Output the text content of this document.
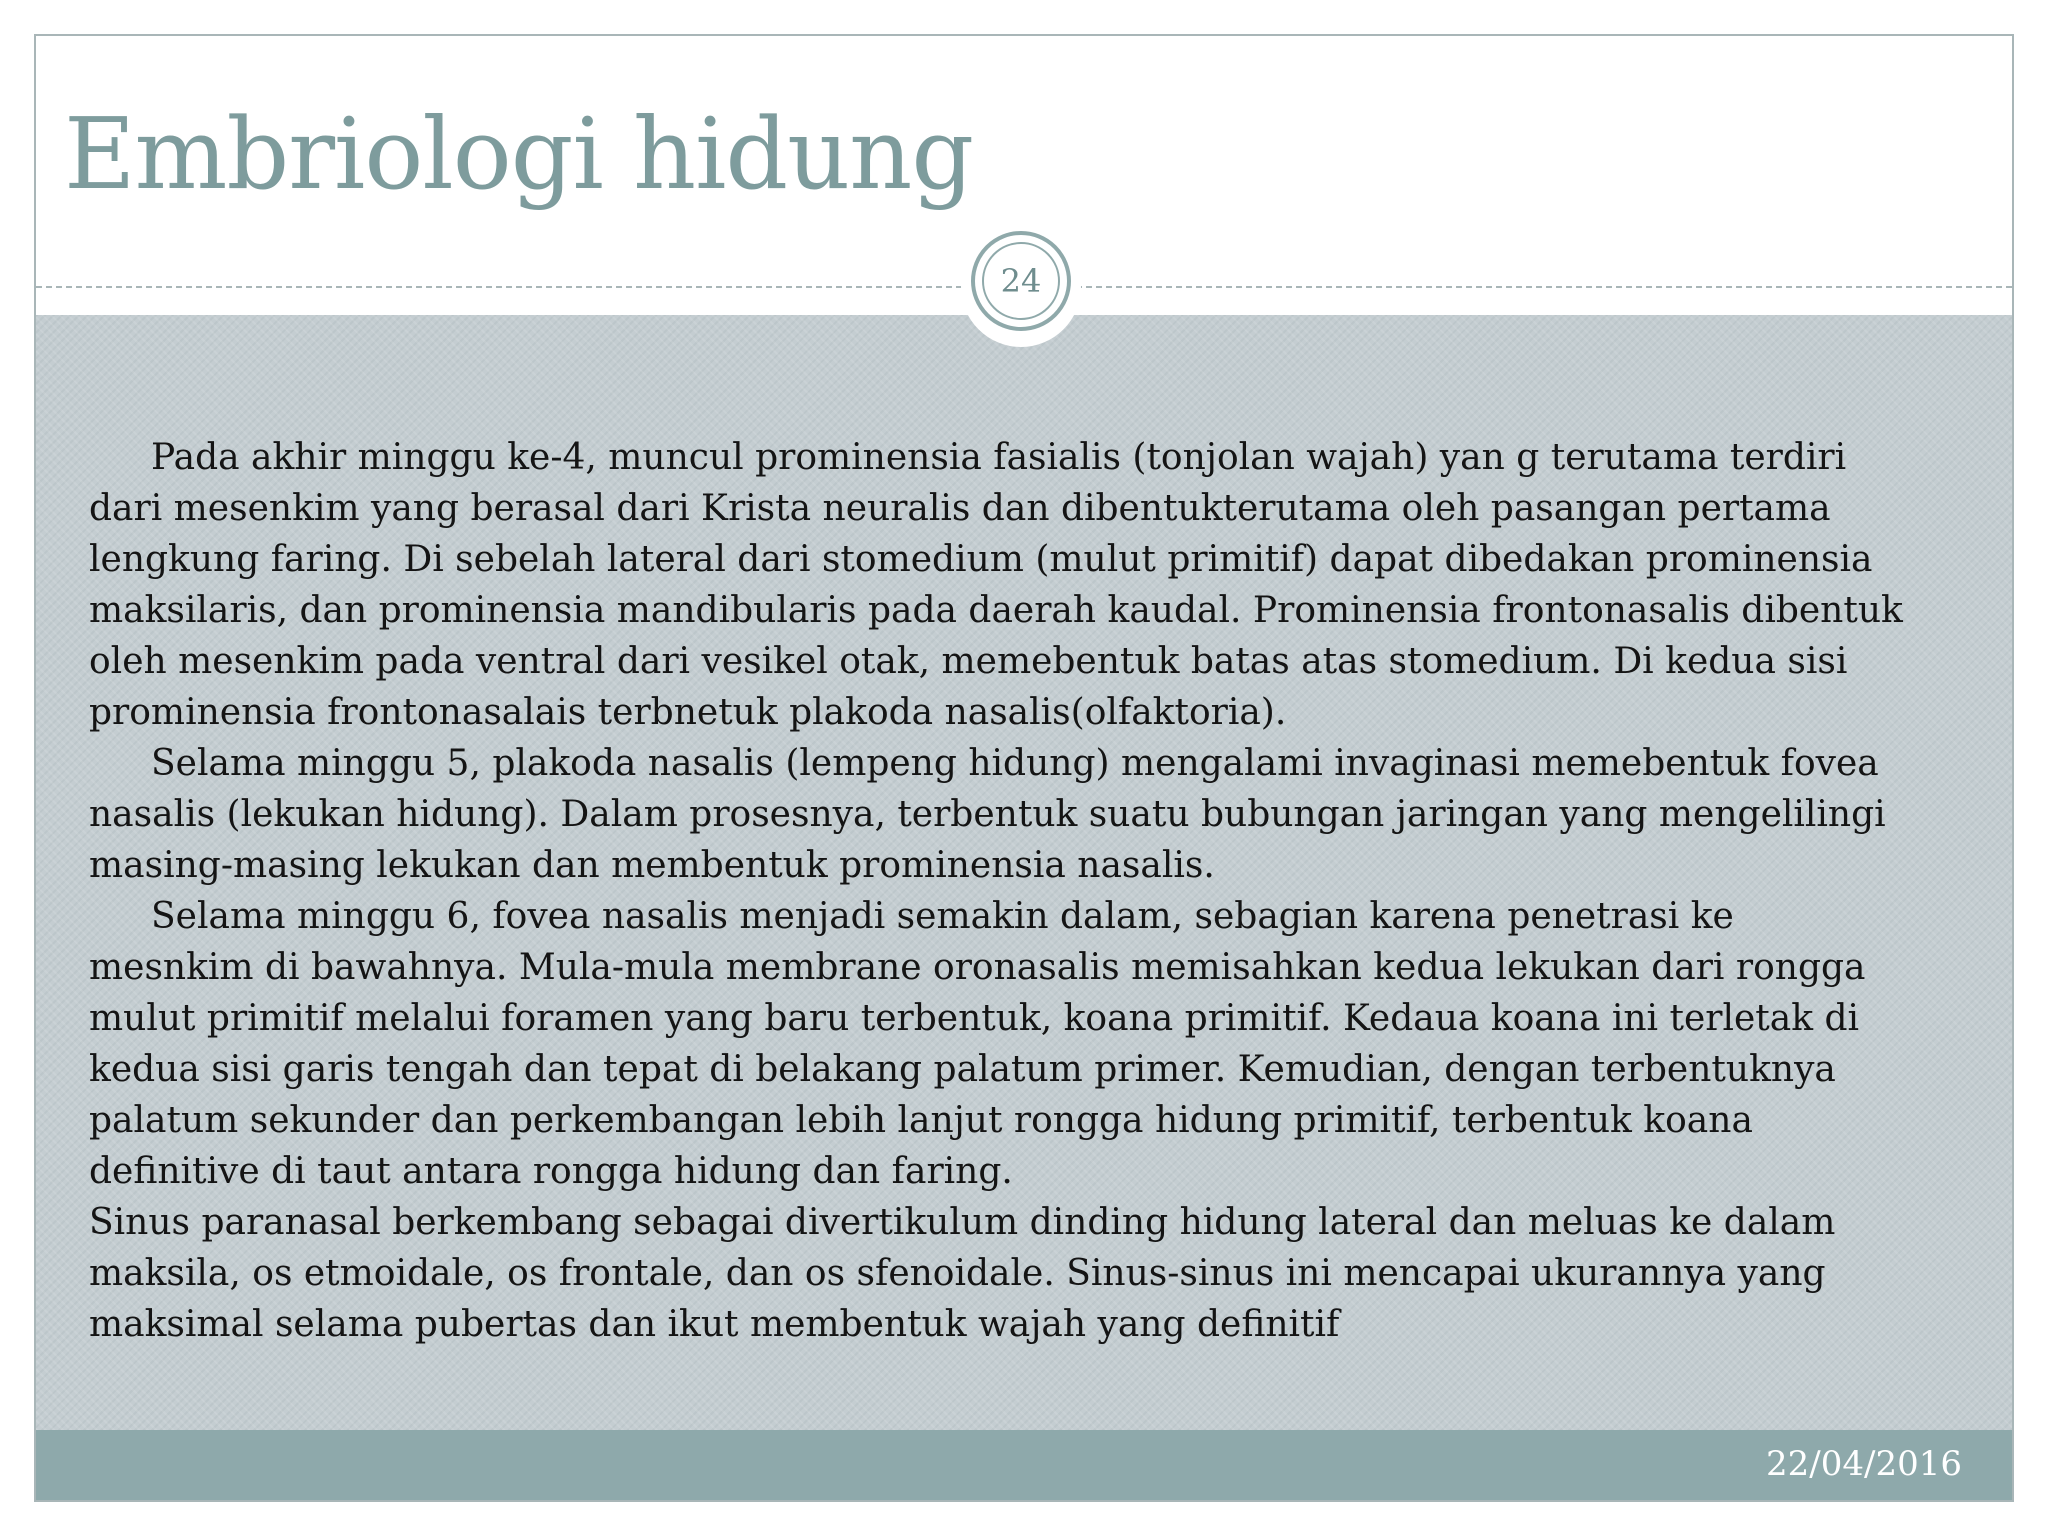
Embriologi hidung

Pada akhir minggu ke-4, muncul prominensia fasialis (tonjolan wajah) yan g terutama terdiri dari mesenkim yang berasal dari Krista neuralis dan dibentukterutama oleh pasangan pertama lengkung faring. Di sebelah lateral dari stomedium (mulut primitif) dapat dibedakan prominensia maksilaris, dan prominensia mandibularis pada daerah kaudal. Prominensia frontonasalis dibentuk oleh mesenkim pada ventral dari vesikel otak, memebentuk batas atas stomedium. Di kedua sisi prominensia frontonasalais terbnetuk plakoda nasalis(olfaktoria).

Selama minggu 5, plakoda nasalis (lempeng hidung) mengalami invaginasi memebentuk fovea nasalis (lekukan hidung). Dalam prosesnya, terbentuk suatu bubungan jaringan yang mengelilingi masing-masing lekukan dan membentuk prominensia nasalis.

Selama minggu 6, fovea nasalis menjadi semakin dalam, sebagian karena penetrasi ke mesnkim di bawahnya. Mula-mula membrane oronasalis memisahkan kedua lekukan dari rongga mulut primitif melalui foramen yang baru terbentuk, koana primitif. Kedaua koana ini terletak di kedua sisi garis tengah dan tepat di belakang palatum primer. Kemudian, dengan terbentuknya palatum sekunder dan perkembangan lebih lanjut rongga hidung primitif, terbentuk koana definitive di taut antara rongga hidung dan faring.

Sinus paranasal berkembang sebagai divertikulum dinding hidung lateral dan meluas ke dalam maksila, os etmoidale, os frontale, dan os sfenoidale. Sinus-sinus ini mencapai ukurannya yang maksimal selama pubertas dan ikut membentuk wajah yang definitif

22/04/2016
24
